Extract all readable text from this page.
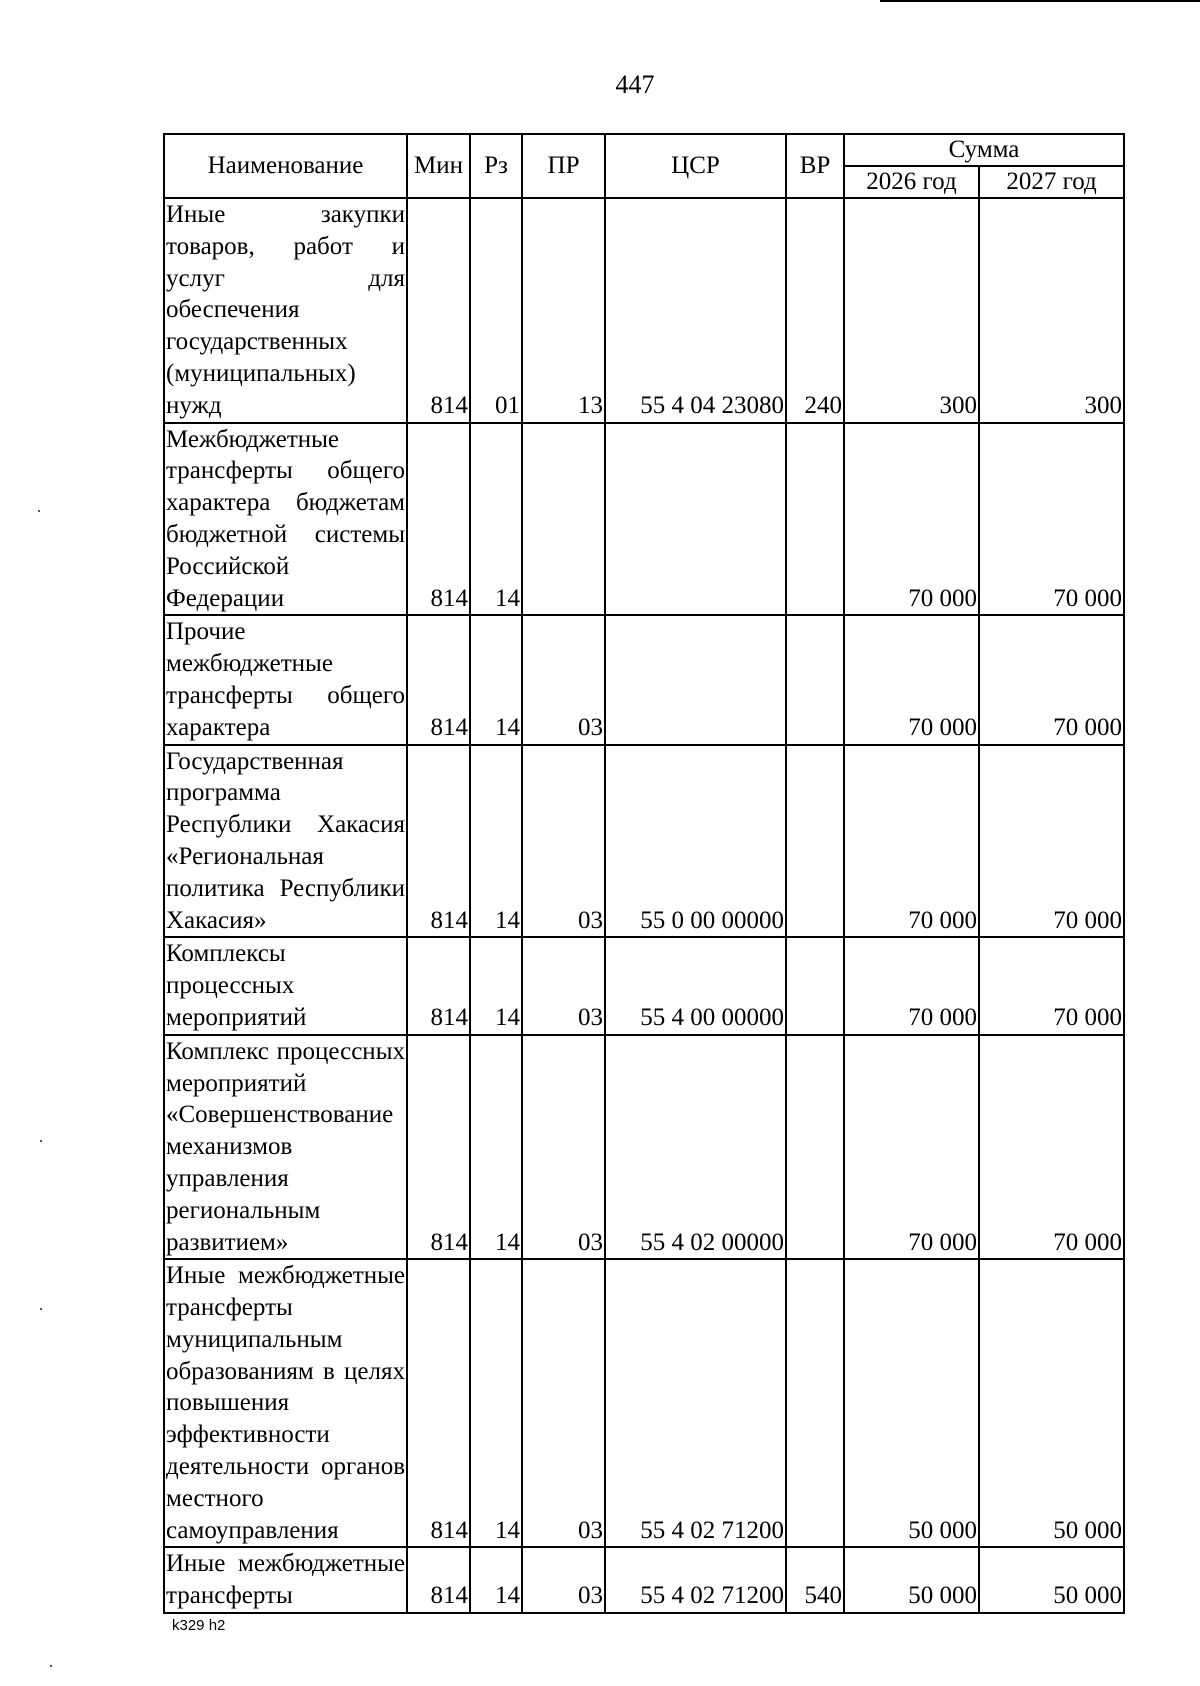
447
Наименование	Мин	Рз	ПР	ЦСР	ВР	Сумма	
						2026 год	2027 год
Иные закупки товаров, работ и услуг для обеспечения государственных (муниципальных) нужд	814	01	13	55 4 04 23080	240	300	300
Межбюджетные трансферты общего характера бюджетам бюджетной системы Российской Федерации	814	14				70 000	70 000
Прочие межбюджетные трансферты общего характера	814	14	03			70 000	70 000
Государственная программа Республики Хакасия «Региональная политика Республики Хакасия»	814	14	03	55 0 00 00000		70 000	70 000
Комплексы процессных мероприятий	814	14	03	55 4 00 00000		70 000	70 000
Комплекс процессных мероприятий «Совершенствование механизмов управления региональным развитием»	814	14	03	55 4 02 00000		70 000	70 000
Иные межбюджетные трансферты муниципальным образованиям в целях повышения эффективности деятельности органов местного самоуправления	814	14	03	55 4 02 71200		50 000	50 000
Иные межбюджетные трансферты	814	14	03	55 4 02 71200	540	50 000	50 000
k329 h2
